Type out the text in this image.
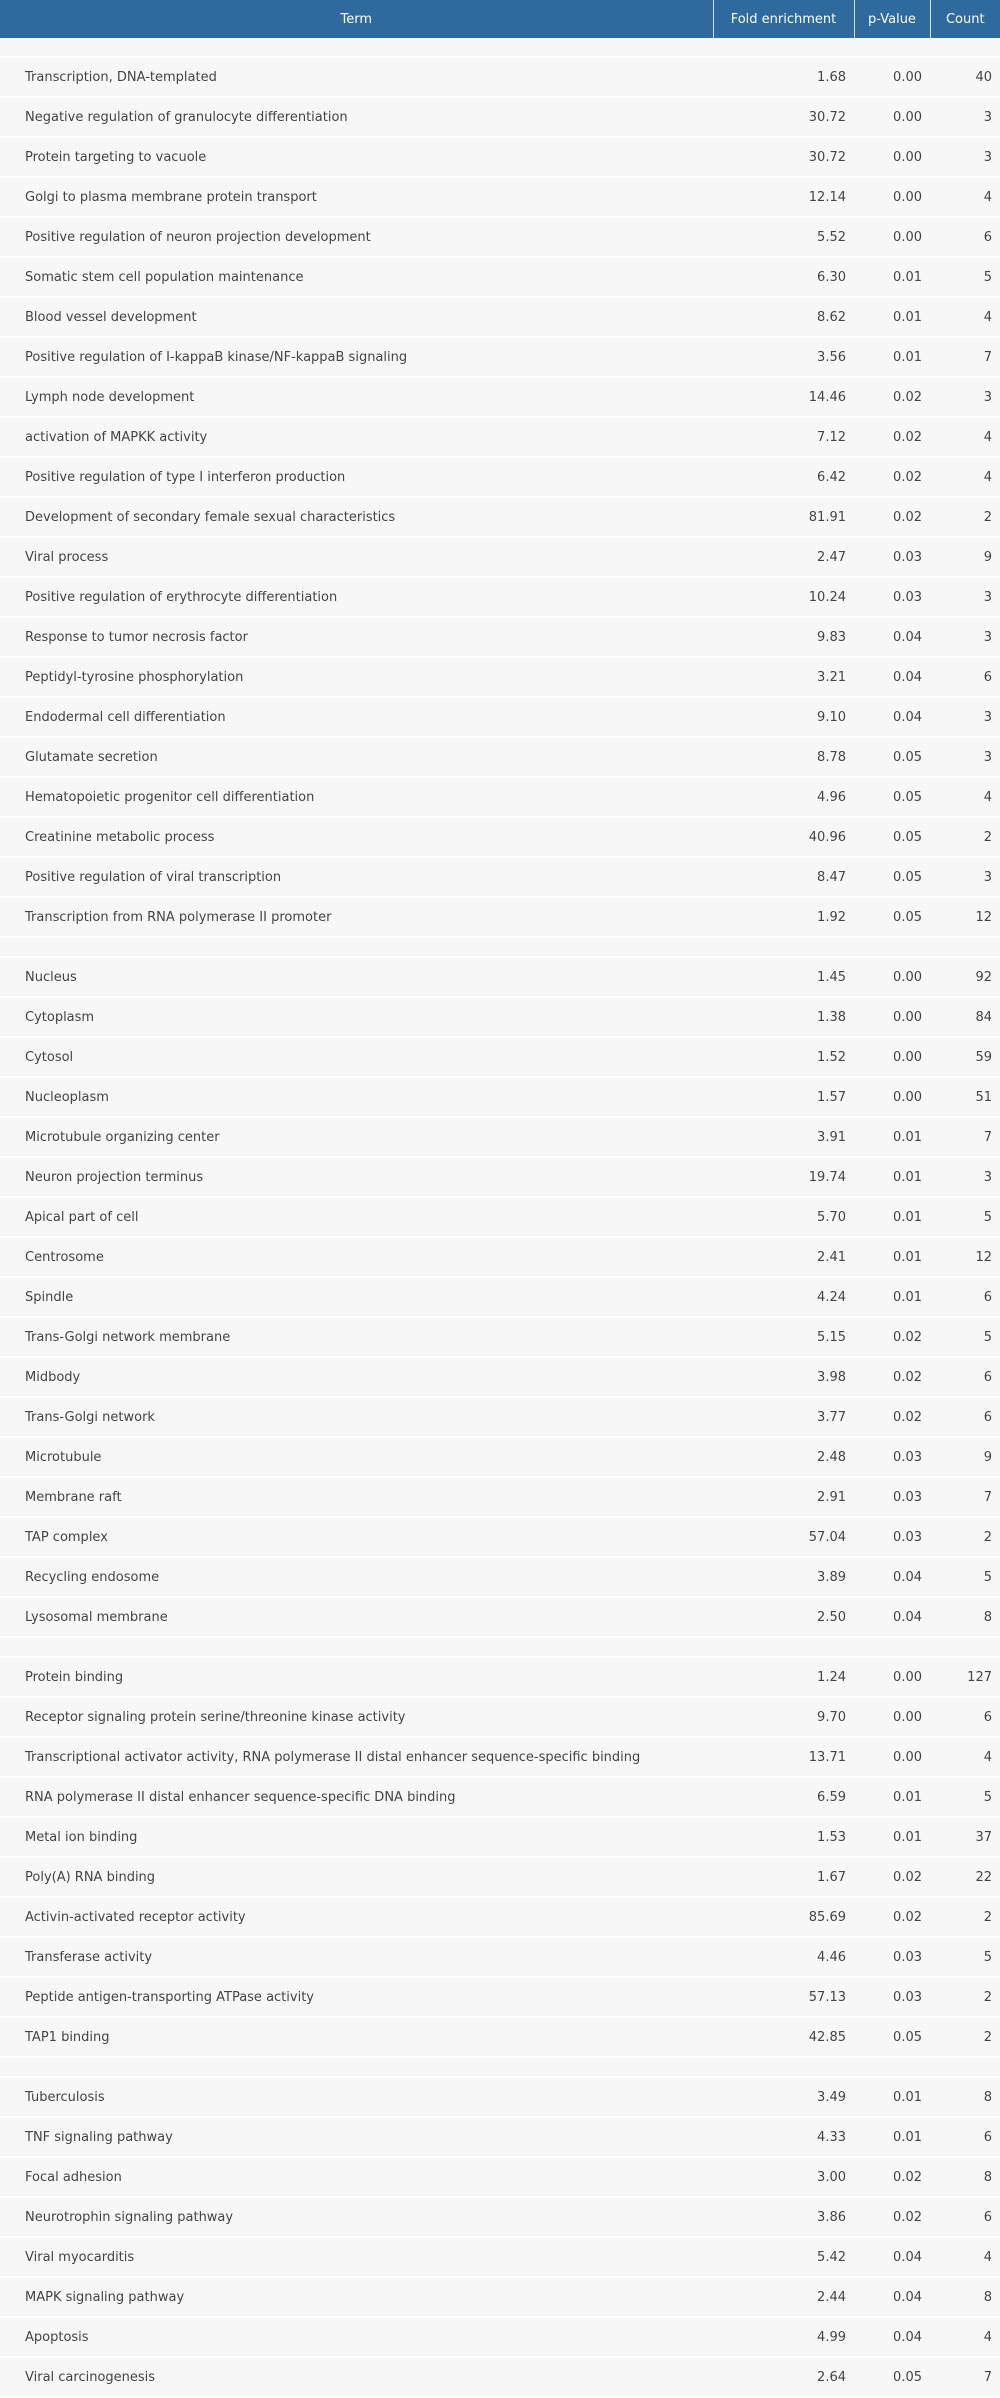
Term	Fold enrichment	p-Value	Count

Transcription, DNA-templated	1.68	0.00	40
Negative regulation of granulocyte differentiation	30.72	0.00	3
Protein targeting to vacuole	30.72	0.00	3
Golgi to plasma membrane protein transport	12.14	0.00	4
Positive regulation of neuron projection development	5.52	0.00	6
Somatic stem cell population maintenance	6.30	0.01	5
Blood vessel development	8.62	0.01	4
Positive regulation of I-kappaB kinase/NF-kappaB signaling	3.56	0.01	7
Lymph node development	14.46	0.02	3
activation of MAPKK activity	7.12	0.02	4
Positive regulation of type I interferon production	6.42	0.02	4
Development of secondary female sexual characteristics	81.91	0.02	2
Viral process	2.47	0.03	9
Positive regulation of erythrocyte differentiation	10.24	0.03	3
Response to tumor necrosis factor	9.83	0.04	3
Peptidyl-tyrosine phosphorylation	3.21	0.04	6
Endodermal cell differentiation	9.10	0.04	3
Glutamate secretion	8.78	0.05	3
Hematopoietic progenitor cell differentiation	4.96	0.05	4
Creatinine metabolic process	40.96	0.05	2
Positive regulation of viral transcription	8.47	0.05	3
Transcription from RNA polymerase II promoter	1.92	0.05	12

Nucleus	1.45	0.00	92
Cytoplasm	1.38	0.00	84
Cytosol	1.52	0.00	59
Nucleoplasm	1.57	0.00	51
Microtubule organizing center	3.91	0.01	7
Neuron projection terminus	19.74	0.01	3
Apical part of cell	5.70	0.01	5
Centrosome	2.41	0.01	12
Spindle	4.24	0.01	6
Trans-Golgi network membrane	5.15	0.02	5
Midbody	3.98	0.02	6
Trans-Golgi network	3.77	0.02	6
Microtubule	2.48	0.03	9
Membrane raft	2.91	0.03	7
TAP complex	57.04	0.03	2
Recycling endosome	3.89	0.04	5
Lysosomal membrane	2.50	0.04	8

Protein binding	1.24	0.00	127
Receptor signaling protein serine/threonine kinase activity	9.70	0.00	6
Transcriptional activator activity, RNA polymerase II distal enhancer sequence-specific binding	13.71	0.00	4
RNA polymerase II distal enhancer sequence-specific DNA binding	6.59	0.01	5
Metal ion binding	1.53	0.01	37
Poly(A) RNA binding	1.67	0.02	22
Activin-activated receptor activity	85.69	0.02	2
Transferase activity	4.46	0.03	5
Peptide antigen-transporting ATPase activity	57.13	0.03	2
TAP1 binding	42.85	0.05	2

Tuberculosis	3.49	0.01	8
TNF signaling pathway	4.33	0.01	6
Focal adhesion	3.00	0.02	8
Neurotrophin signaling pathway	3.86	0.02	6
Viral myocarditis	5.42	0.04	4
MAPK signaling pathway	2.44	0.04	8
Apoptosis	4.99	0.04	4
Viral carcinogenesis	2.64	0.05	7
